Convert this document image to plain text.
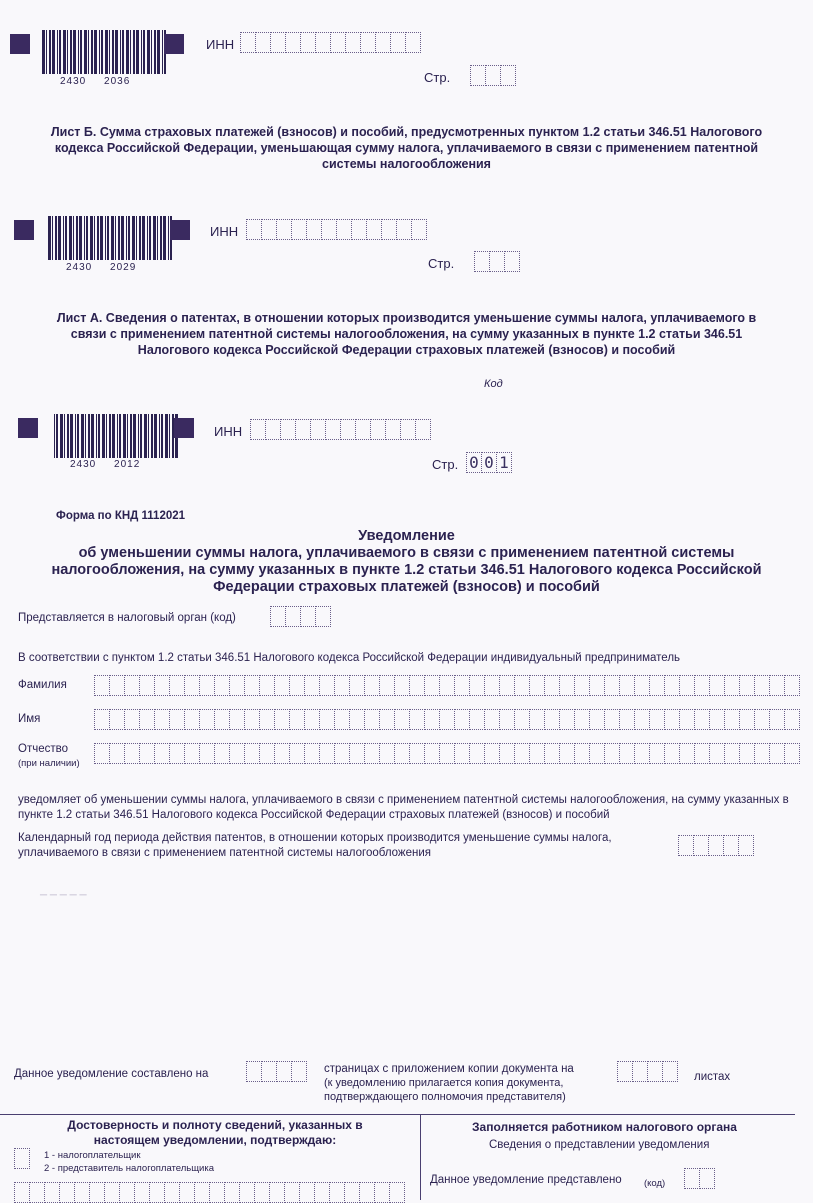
2430 2036
ИНН
Стр.
Лист Б. Сумма страховых платежей (взносов) и пособий, предусмотренных пунктом 1.2 статьи 346.51 Налогового кодекса Российской Федерации, уменьшающая сумму налога, уплачиваемого в связи с применением патентной системы налогообложения
2430 2029
ИНН
Стр.
Лист А. Сведения о патентах, в отношении которых производится уменьшение суммы налога, уплачиваемого в связи с применением патентной системы налогообложения, на сумму указанных в пункте 1.2 статьи 346.51 Налогового кодекса Российской Федерации страховых платежей (взносов) и пособий
Код
2430 2012
ИНН
Стр. 0 0 1
Форма по КНД 1112021
Уведомление
об уменьшении суммы налога, уплачиваемого в связи с применением патентной системы налогообложения, на сумму указанных в пункте 1.2 статьи 346.51 Налогового кодекса Российской Федерации страховых платежей (взносов) и пособий
Представляется в налоговый орган (код)
В соответствии с пунктом 1.2 статьи 346.51 Налогового кодекса Российской Федерации индивидуальный предприниматель
Фамилия
Имя
Отчество
(при наличии)
уведомляет об уменьшении суммы налога, уплачиваемого в связи с применением патентной системы налогообложения, на сумму указанных в пункте 1.2 статьи 346.51 Налогового кодекса Российской Федерации страховых платежей (взносов) и пособий
Календарный год периода действия патентов, в отношении которых производится уменьшение суммы налога, уплачиваемого в связи с применением патентной системы налогообложения
─ ─ ─ ─ ─
Данное уведомление составлено на	страницах с приложением копии документа на
(к уведомлению прилагается копия документа, подтверждающего полномочия представителя)
листах
Достоверность и полноту сведений, указанных в настоящем уведомлении, подтверждаю:
1 - налогоплательщик
2 - представитель налогоплательщика
Заполняется работником налогового органа
Сведения о представлении уведомления
Данное уведомление представлено (код)
